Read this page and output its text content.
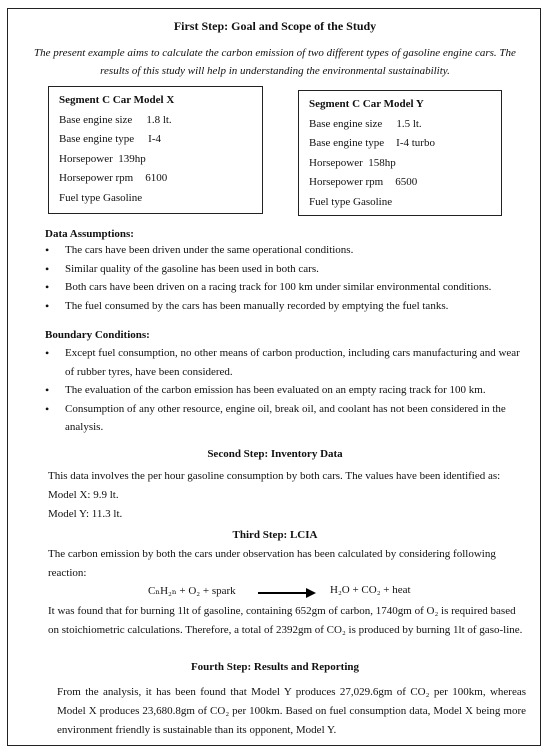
First Step: Goal and Scope of the Study
The present example aims to calculate the carbon emission of two different types of gasoline engine cars. The results of this study will help in understanding the environmental sustainability.
Segment C Car Model X
Base engine size 1.8 lt.
Base engine type I-4
Horsepower 139hp
Horsepower rpm 6100
Fuel type Gasoline
Segment C Car Model Y
Base engine size 1.5 lt.
Base engine type I-4 turbo
Horsepower 158hp
Horsepower rpm 6500
Fuel type Gasoline
Data Assumptions:
• The cars have been driven under the same operational conditions.
• Similar quality of the gasoline has been used in both cars.
• Both cars have been driven on a racing track for 100 km under similar environmental conditions.
• The fuel consumed by the cars has been manually recorded by emptying the fuel tanks.
Boundary Conditions:
• Except fuel consumption, no other means of carbon production, including cars manufacturing and wear of rubber tyres, have been considered.
• The evaluation of the carbon emission has been evaluated on an empty racing track for 100 km.
• Consumption of any other resource, engine oil, break oil, and coolant has not been considered in the analysis.
Second Step: Inventory Data
This data involves the per hour gasoline consumption by both cars. The values have been identified as:
Model X: 9.9 lt.
Model Y: 11.3 lt.
Third Step: LCIA
The carbon emission by both the cars under observation has been calculated by considering following reaction:
CₙH₂ₙ + O₂ + spark	H₂O + CO₂ + heat
It was found that for burning 1lt of gasoline, containing 652gm of carbon, 1740gm of O₂ is required based on stoichiometric calculations. Therefore, a total of 2392gm of CO₂ is produced by burning 1lt of gaso-line.
Fourth Step: Results and Reporting
From the analysis, it has been found that Model Y produces 27,029.6gm of CO₂ per 100km, whereas Model X produces 23,680.8gm of CO₂ per 100km. Based on fuel consumption data, Model X being more environment friendly is sustainable than its opponent, Model Y.
